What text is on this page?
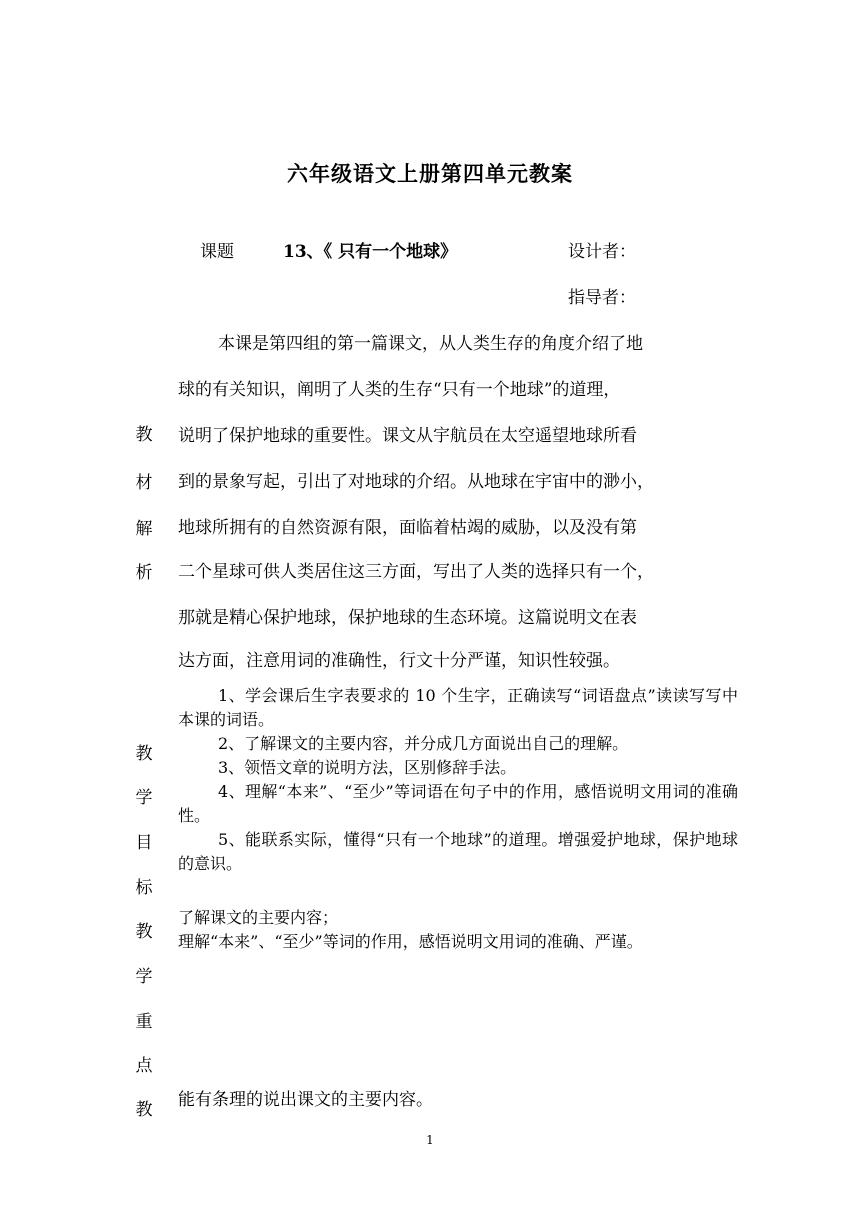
六年级语文上册第四单元教案
课题	13、《 只有一个地球》	设计者：
指导者：
教
材
解
析
本课是第四组的第一篇课文，从人类生存的角度介绍了地
球的有关知识，阐明了人类的生存“只有一个地球”的道理，
说明了保护地球的重要性。课文从宇航员在太空遥望地球所看
到的景象写起，引出了对地球的介绍。从地球在宇宙中的渺小，
地球所拥有的自然资源有限，面临着枯竭的威胁，以及没有第
二个星球可供人类居住这三方面，写出了人类的选择只有一个，
那就是精心保护地球，保护地球的生态环境。这篇说明文在表
达方面，注意用词的准确性，行文十分严谨，知识性较强。
教
学
目
标

1、学会课后生字表要求的 10 个生字，正确读写“词语盘点”读读写写中本课的词语。

2、了解课文的主要内容，并分成几方面说出自己的理解。

3、领悟文章的说明方法，区别修辞手法。

4、理解“本来”、“至少”等词语在句子中的作用，感悟说明文用词的准确性。

5、能联系实际，懂得“只有一个地球”的道理。增强爱护地球，保护地球的意识。

教
学
重
点

了解课文的主要内容；

理解“本来”、“至少”等词的作用，感悟说明文用词的准确、严谨。

教 能有条理的说出课文的主要内容。
1
